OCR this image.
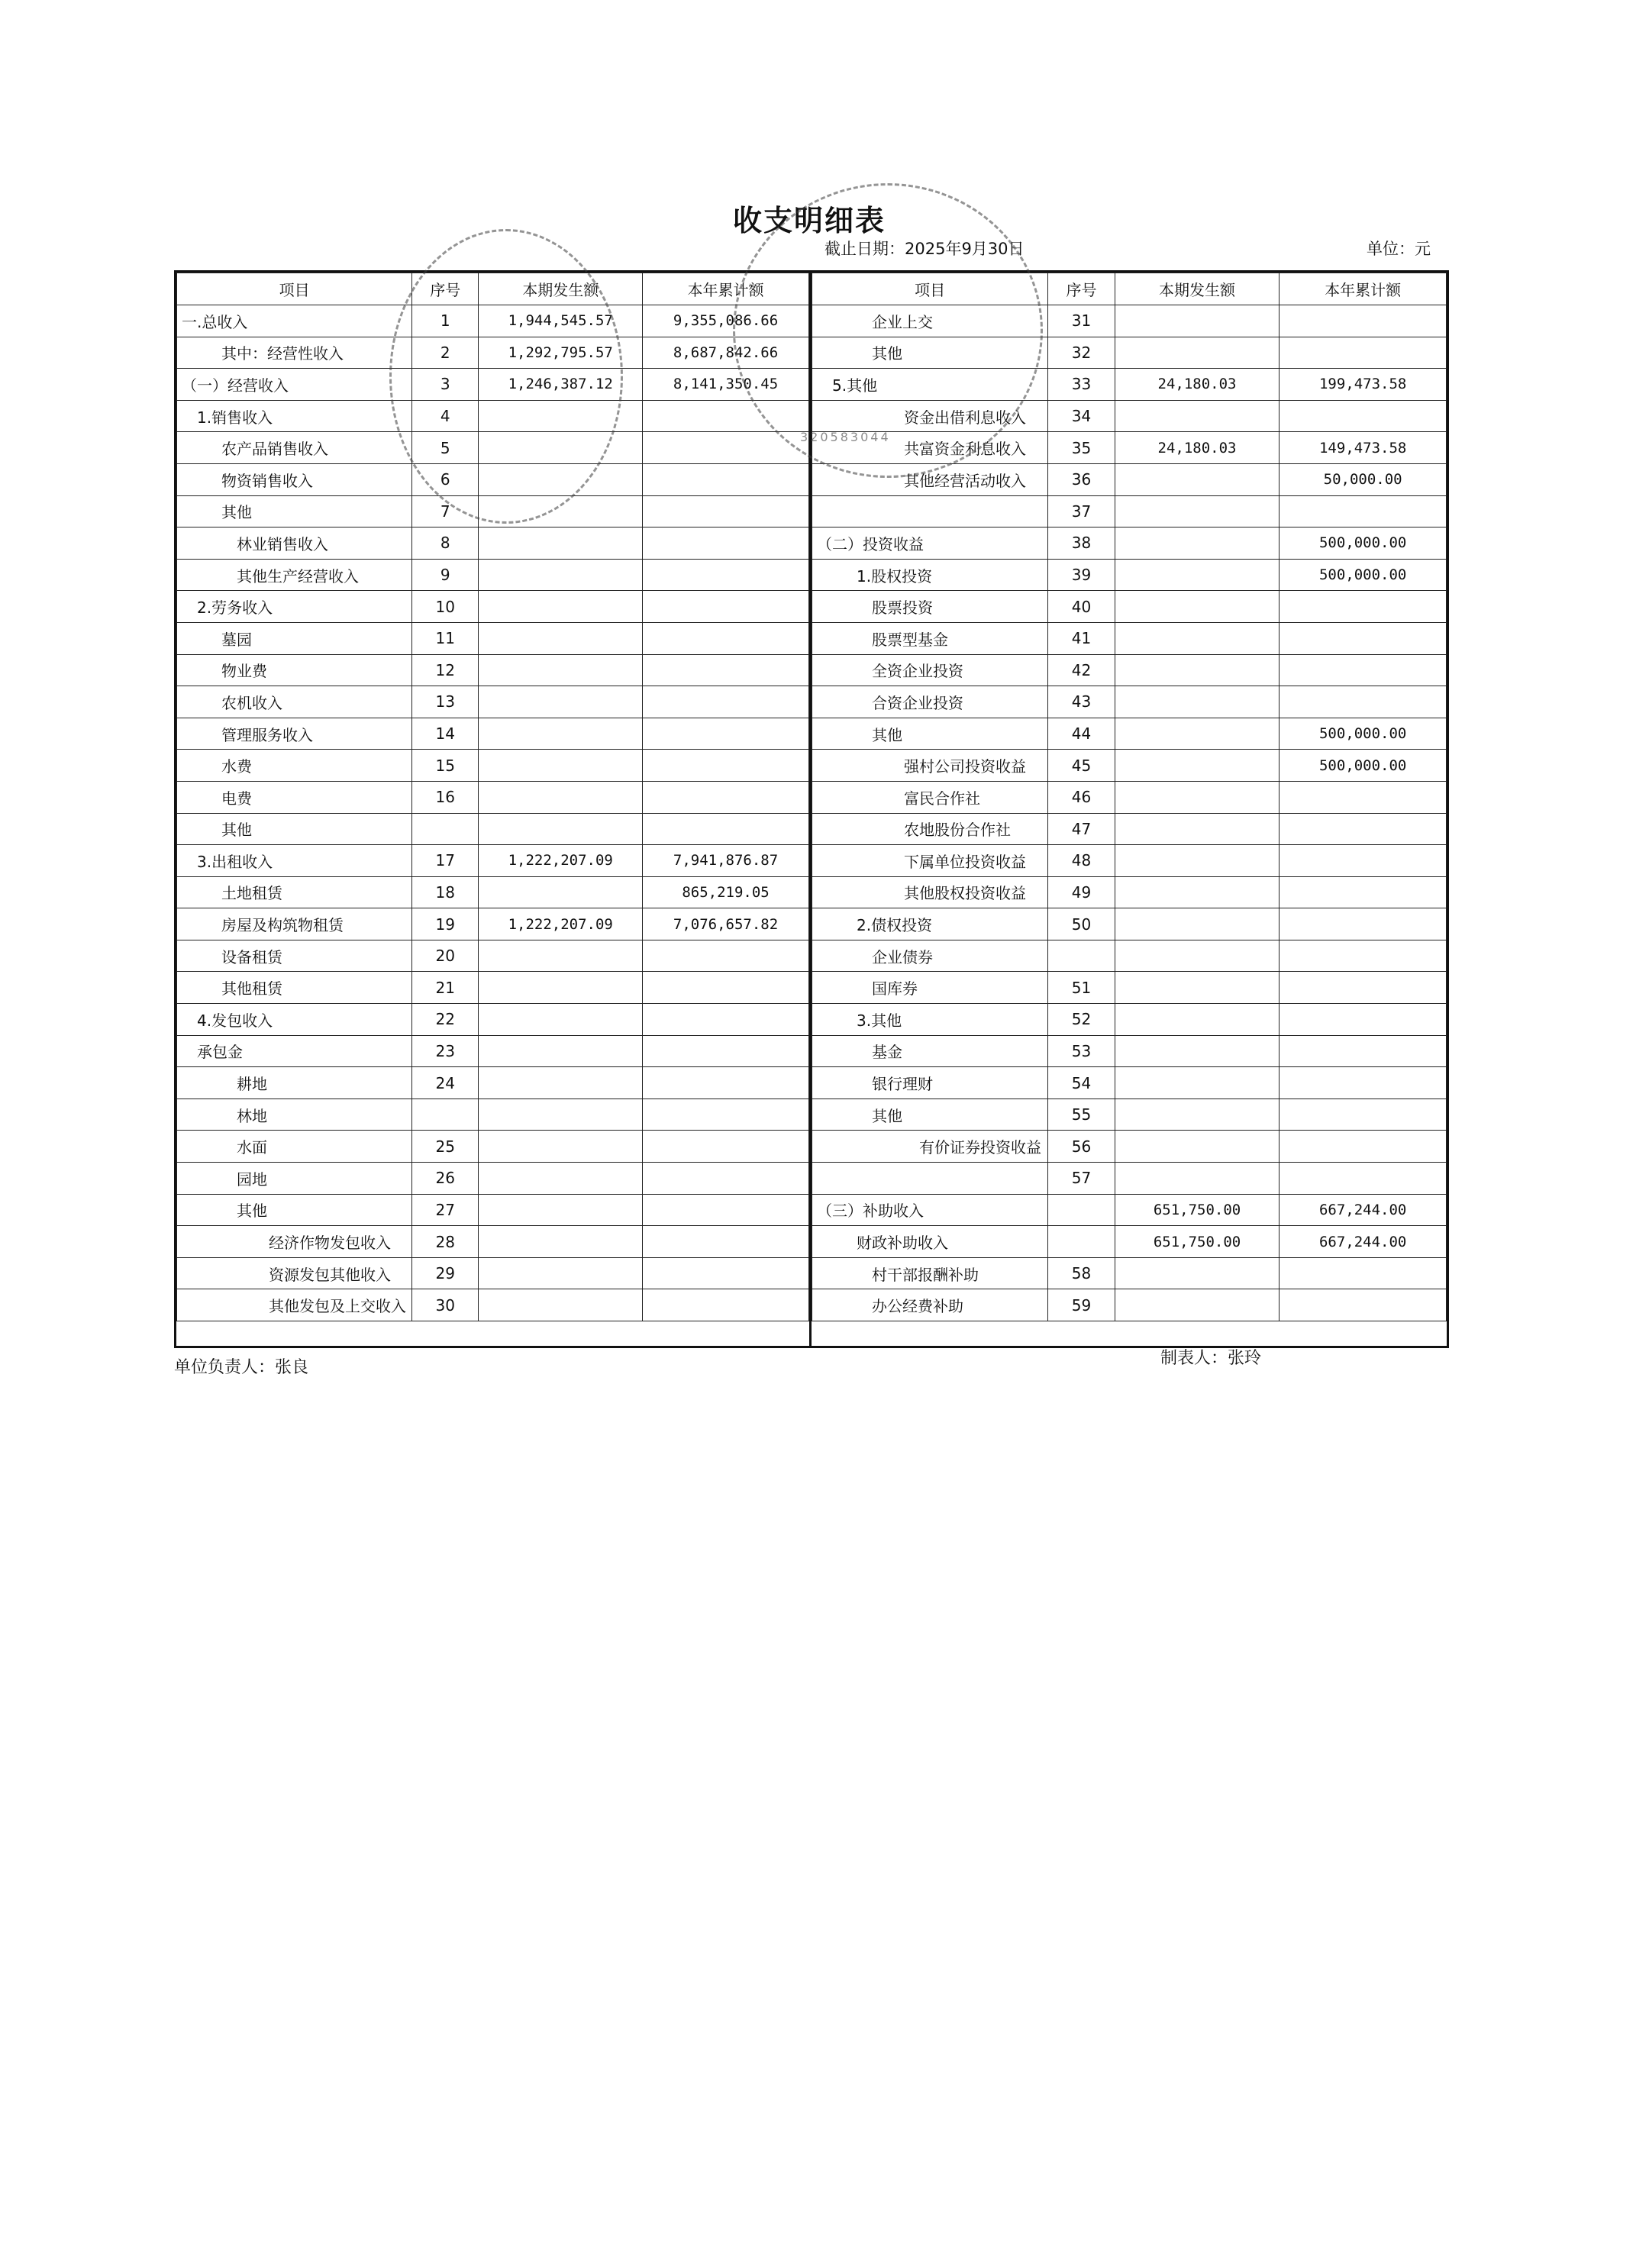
收支明细表
截止日期：2025年9月30日	单位：元
项目	序号	本期发生额	本年累计额
一.总收入	1	1,944,545.57	9,355,086.66
其中：经营性收入	2	1,292,795.57	8,687,842.66
（一）经营收入	3	1,246,387.12	8,141,350.45
1.销售收入	4		
农产品销售收入	5		
物资销售收入	6		
其他	7		
林业销售收入	8		
其他生产经营收入	9		
2.劳务收入	10		
墓园	11		
物业费	12		
农机收入	13		
管理服务收入	14		
水费	15		
电费	16		
其他			
3.出租收入	17	1,222,207.09	7,941,876.87
土地租赁	18		865,219.05
房屋及构筑物租赁	19	1,222,207.09	7,076,657.82
设备租赁	20		
其他租赁	21		
4.发包收入	22		
承包金	23		
耕地	24		
林地			
水面	25		
园地	26		
其他	27		
经济作物发包收入	28		
资源发包其他收入	29		
其他发包及上交收入	30		
项目	序号	本期发生额	本年累计额
企业上交	31		
其他	32		
5.其他	33	24,180.03	199,473.58
资金出借利息收入	34		
共富资金利息收入	35	24,180.03	149,473.58
其他经营活动收入	36		50,000.00
	37		
（二）投资收益	38		500,000.00
1.股权投资	39		500,000.00
股票投资	40		
股票型基金	41		
全资企业投资	42		
合资企业投资	43		
其他	44		500,000.00
强村公司投资收益	45		500,000.00
富民合作社	46		
农地股份合作社	47		
下属单位投资收益	48		
其他股权投资收益	49		
2.债权投资	50		
企业债券			
国库券	51		
3.其他	52		
基金	53		
银行理财	54		
其他	55		
有价证券投资收益	56		
	57		
（三）补助收入		651,750.00	667,244.00
财政补助收入		651,750.00	667,244.00
村干部报酬补助	58		
办公经费补助	59		
单位负责人：张良	制表人：张玲
320583044
